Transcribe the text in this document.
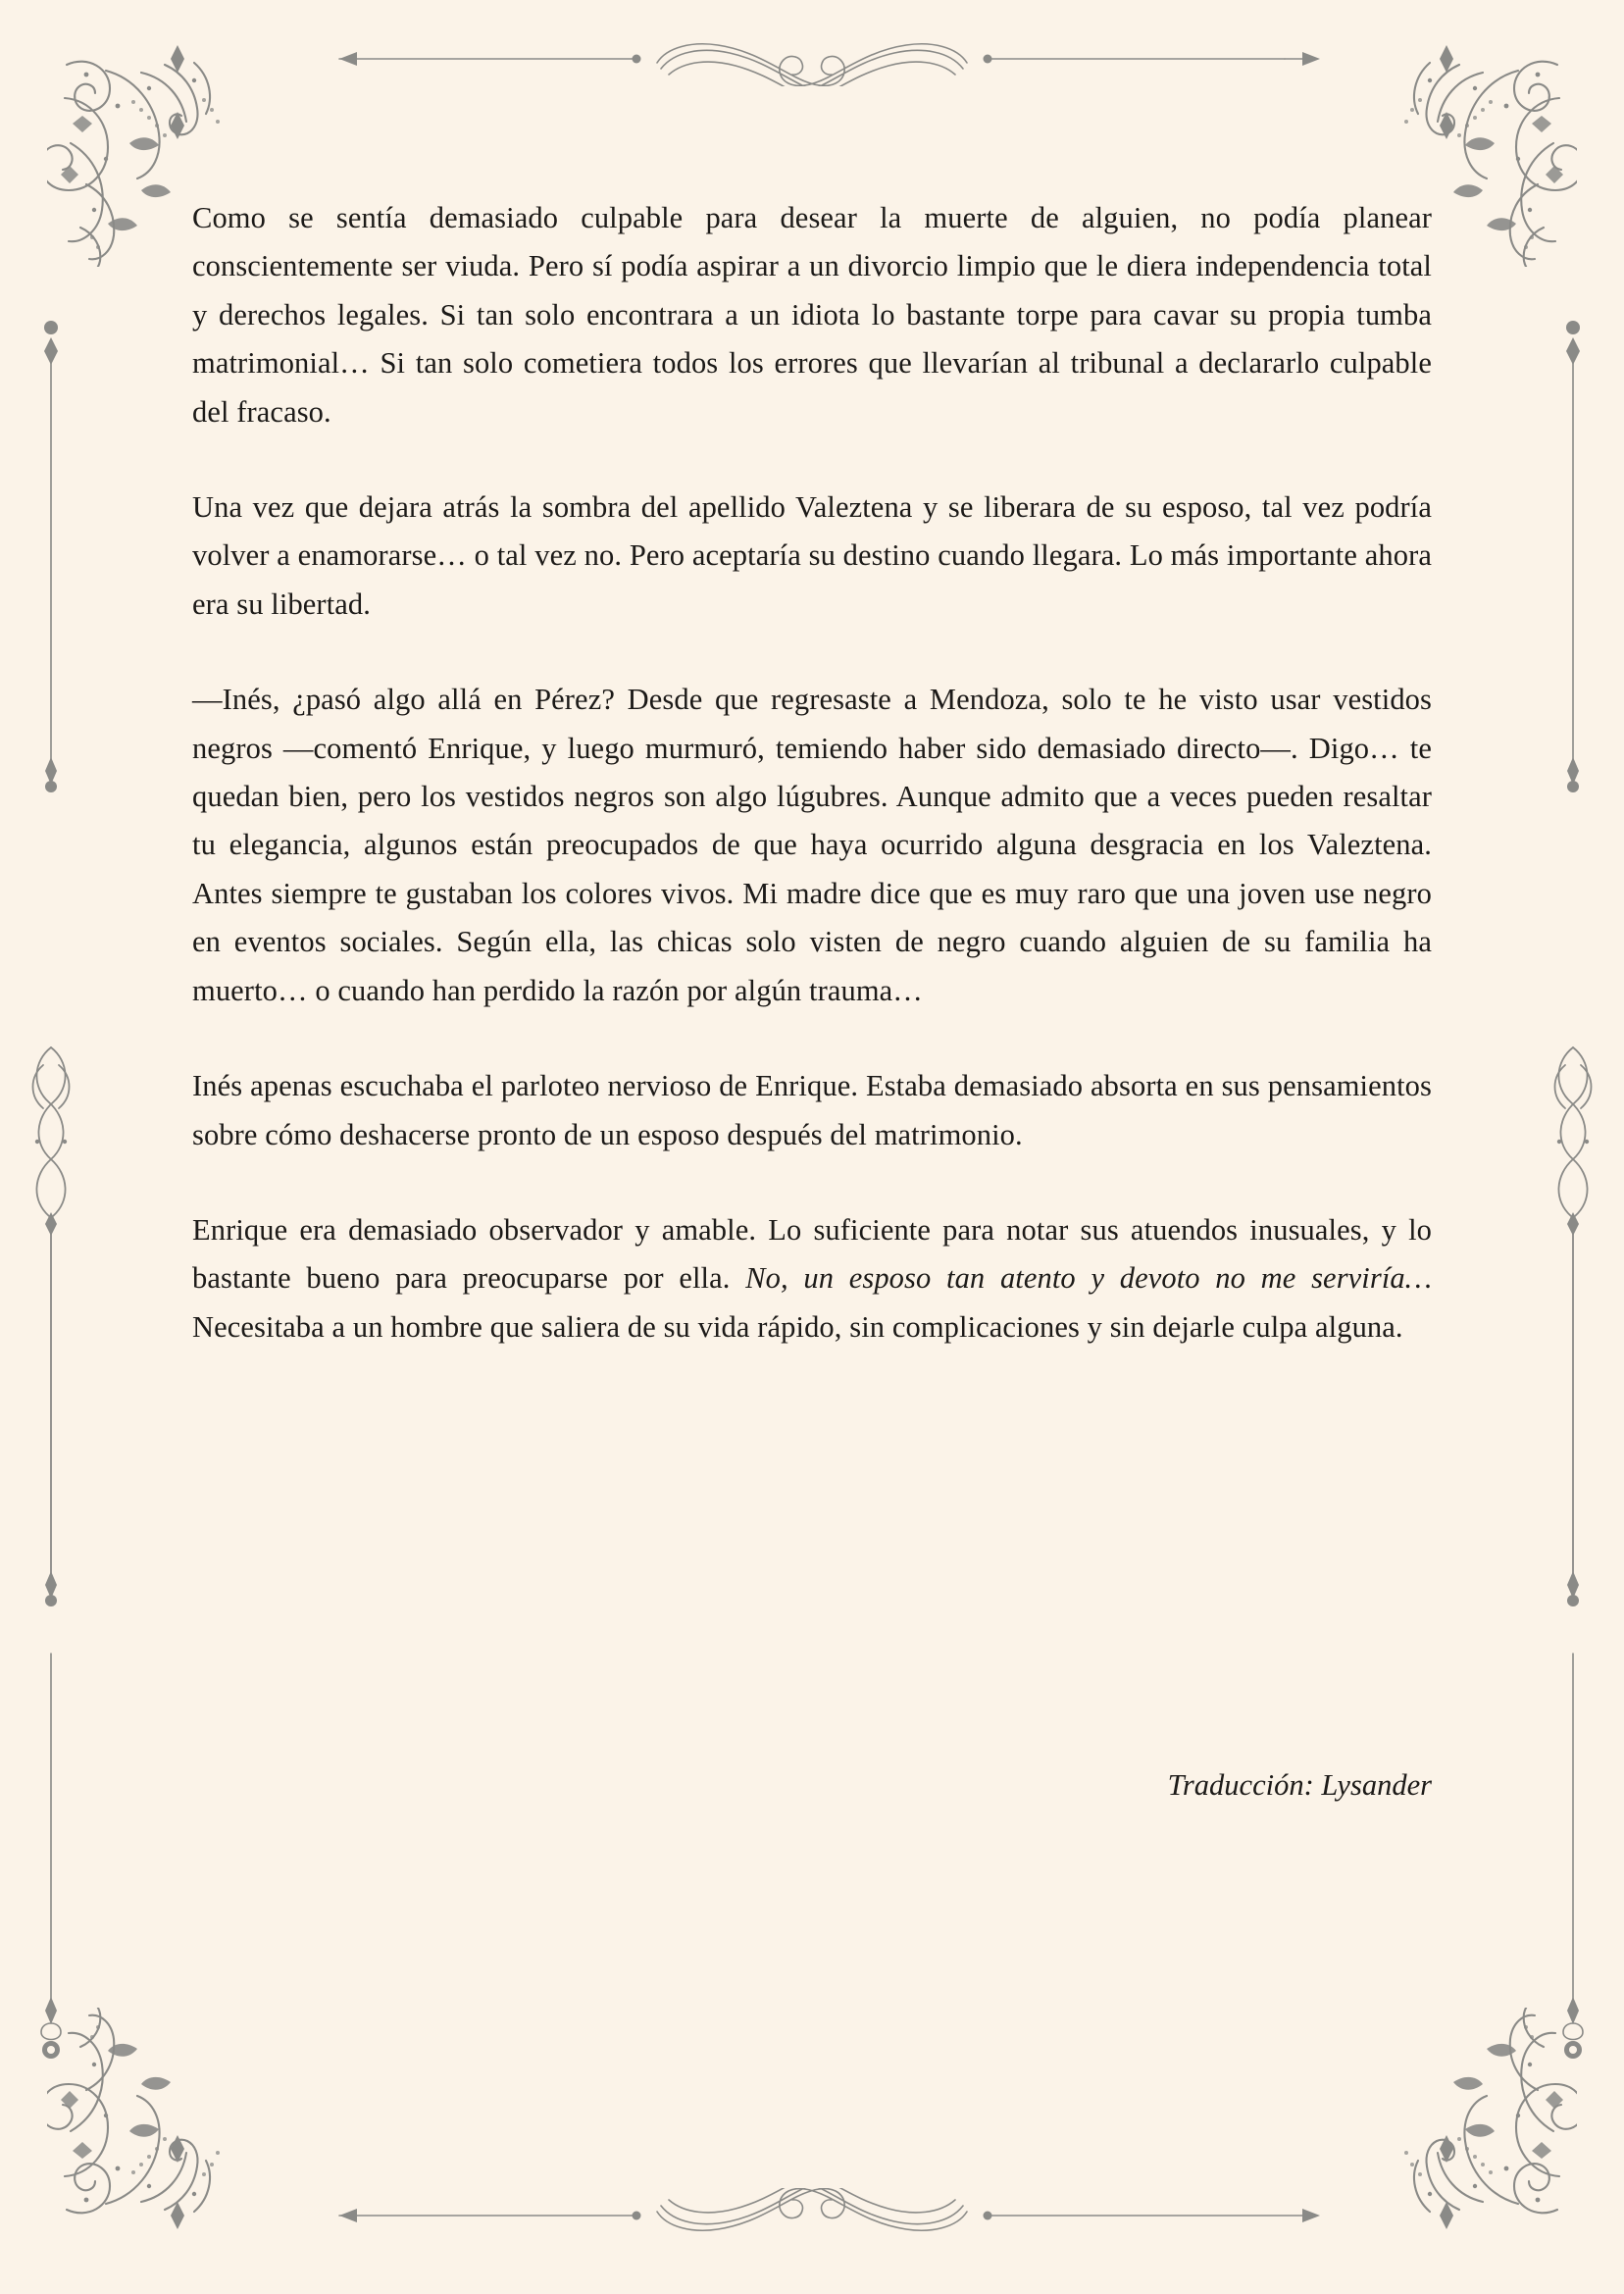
Como se sentía demasiado culpable para desear la muerte de alguien, no podía planear conscientemente ser viuda. Pero sí podía aspirar a un divorcio limpio que le diera independencia total y derechos legales. Si tan solo encontrara a un idiota lo bastante torpe para cavar su propia tumba matrimonial… Si tan solo cometiera todos los errores que llevarían al tribunal a declararlo culpable del fracaso.

Una vez que dejara atrás la sombra del apellido Valeztena y se liberara de su esposo, tal vez podría volver a enamorarse… o tal vez no. Pero aceptaría su destino cuando llegara. Lo más importante ahora era su libertad.

—Inés, ¿pasó algo allá en Pérez? Desde que regresaste a Mendoza, solo te he visto usar vestidos negros —comentó Enrique, y luego murmuró, temiendo haber sido demasiado directo—. Digo… te quedan bien, pero los vestidos negros son algo lúgubres. Aunque admito que a veces pueden resaltar tu elegancia, algunos están preocupados de que haya ocurrido alguna desgracia en los Valeztena. Antes siempre te gustaban los colores vivos. Mi madre dice que es muy raro que una joven use negro en eventos sociales. Según ella, las chicas solo visten de negro cuando alguien de su familia ha muerto… o cuando han perdido la razón por algún trauma…

Inés apenas escuchaba el parloteo nervioso de Enrique. Estaba demasiado absorta en sus pensamientos sobre cómo deshacerse pronto de un esposo después del matrimonio.

Enrique era demasiado observador y amable. Lo suficiente para notar sus atuendos inusuales, y lo bastante bueno para preocuparse por ella. No, un esposo tan atento y devoto no me serviría… Necesitaba a un hombre que saliera de su vida rápido, sin complicaciones y sin dejarle culpa alguna.

Traducción: Lysander
